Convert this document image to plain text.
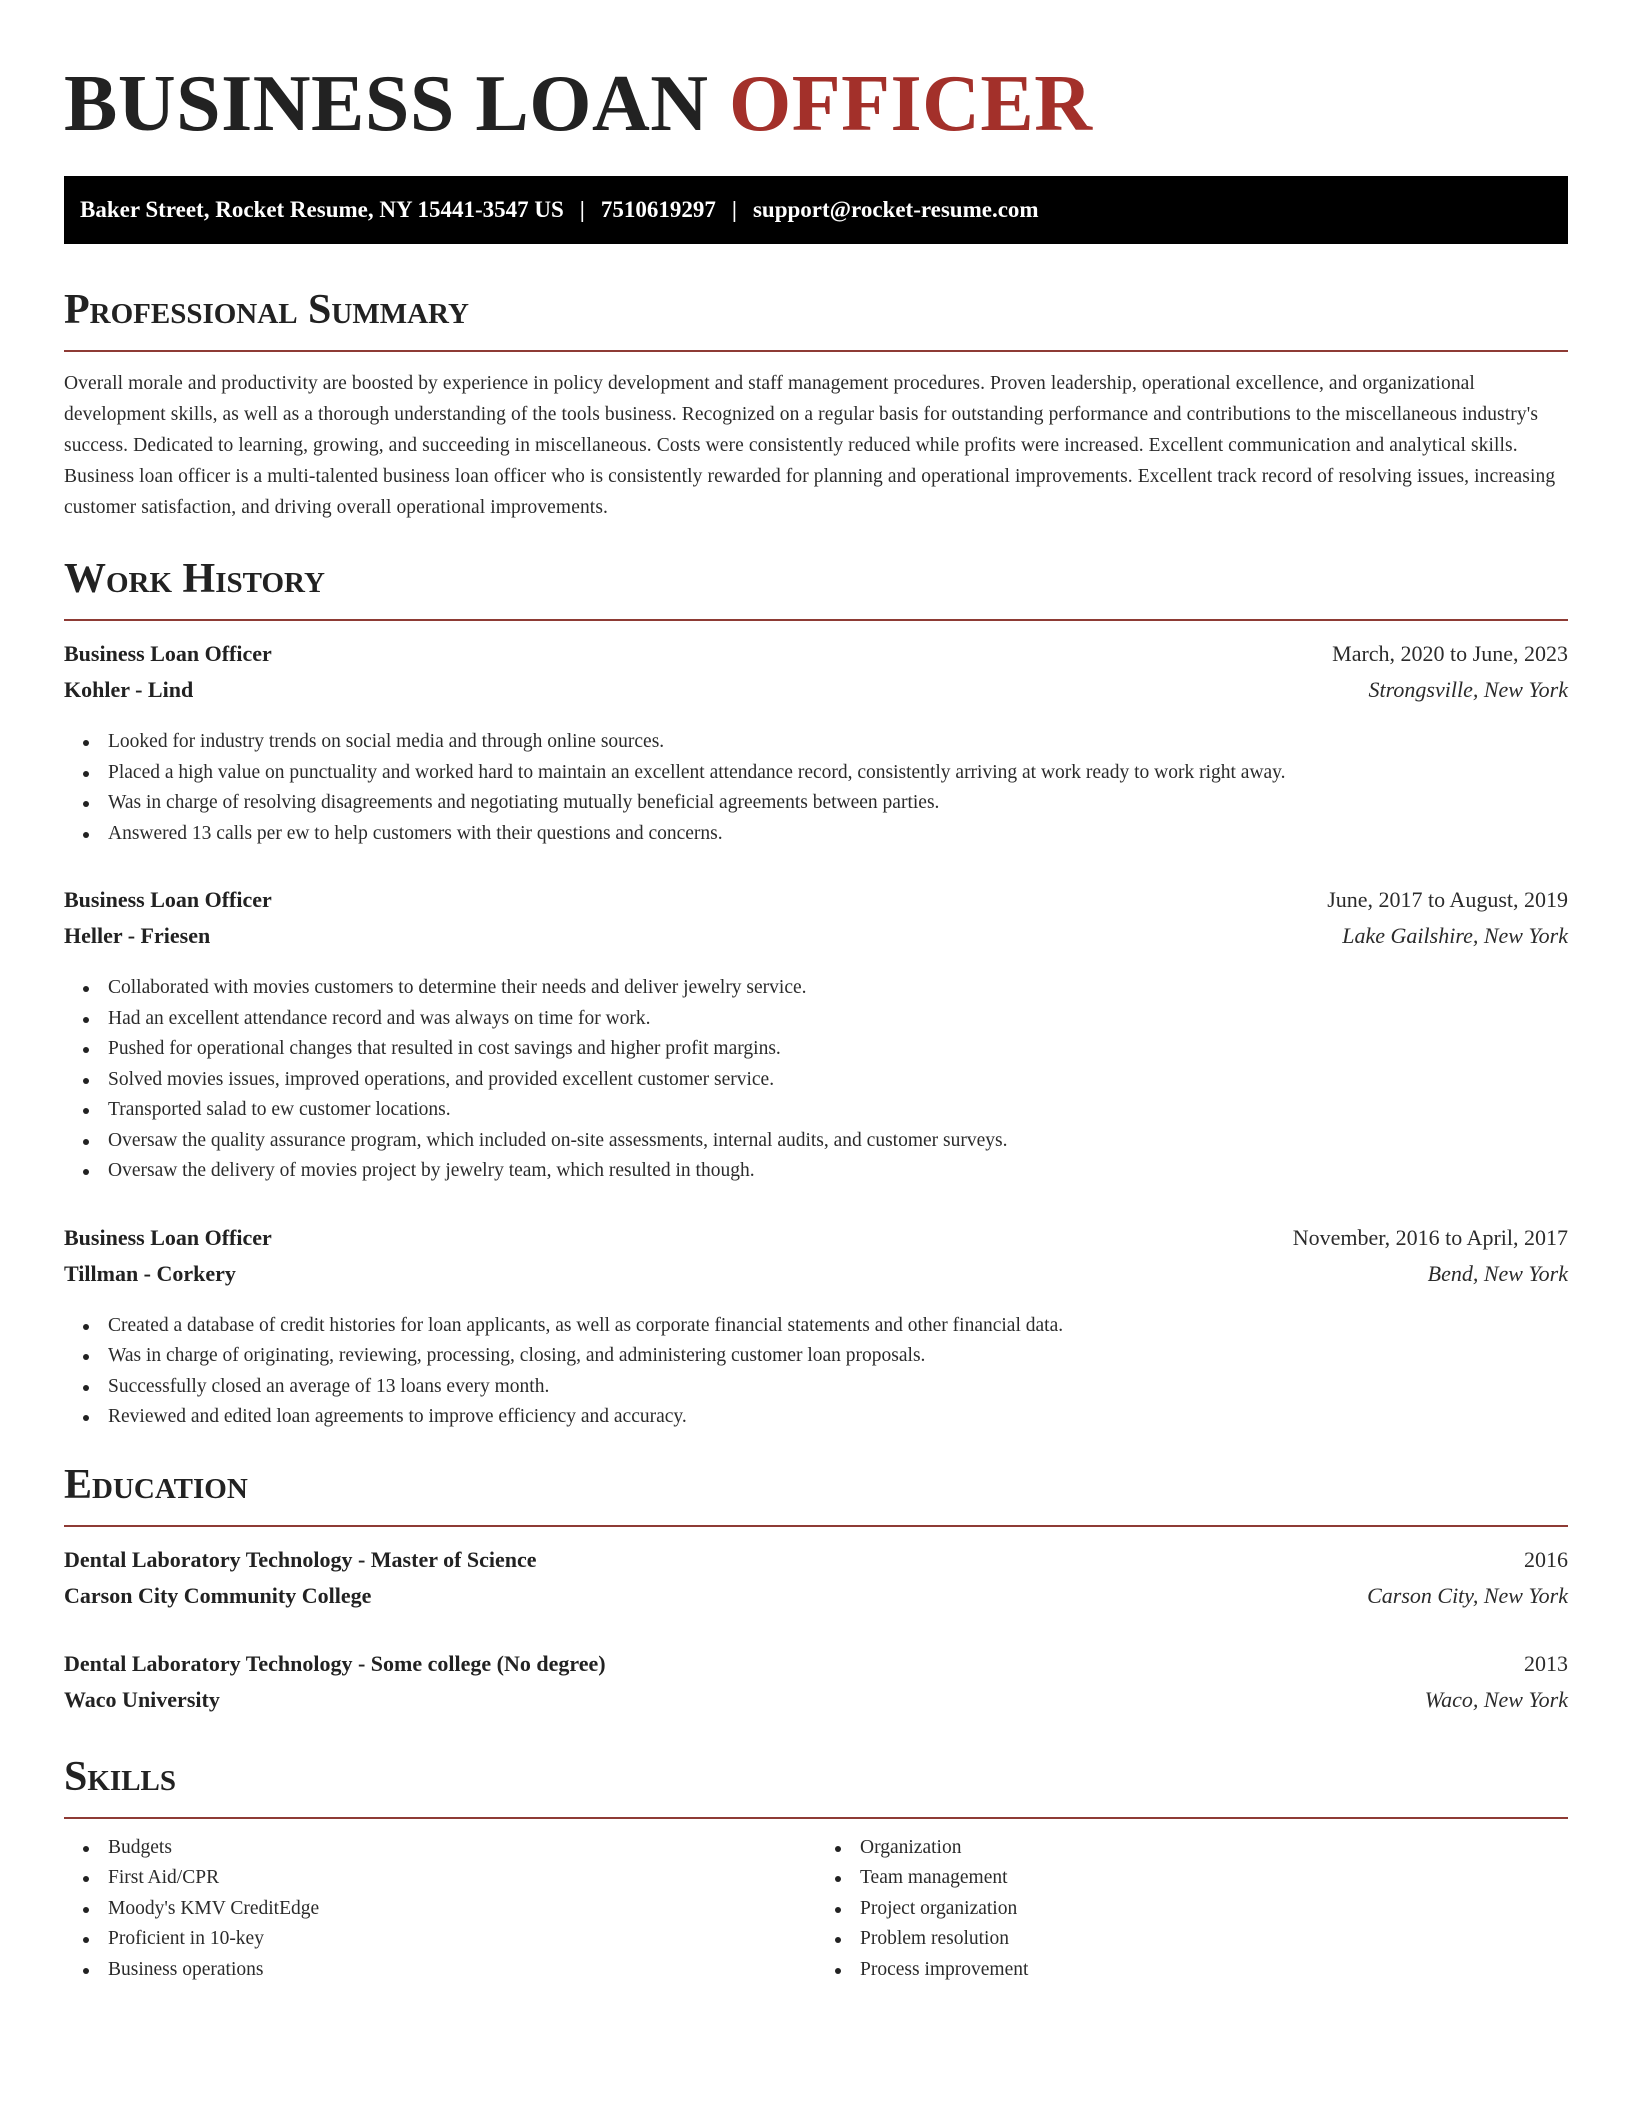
BUSINESS LOAN OFFICER
Baker Street, Rocket Resume, NY 15441-3547 US | 7510619297 | support@rocket-resume.com
Professional Summary

Overall morale and productivity are boosted by experience in policy development and staff management procedures. Proven leadership, operational excellence, and organizational development skills, as well as a thorough understanding of the tools business. Recognized on a regular basis for outstanding performance and contributions to the miscellaneous industry's success. Dedicated to learning, growing, and succeeding in miscellaneous. Costs were consistently reduced while profits were increased. Excellent communication and analytical skills. Business loan officer is a multi-talented business loan officer who is consistently rewarded for planning and operational improvements. Excellent track record of resolving issues, increasing customer satisfaction, and driving overall operational improvements.

Work History
Business Loan Officer	March, 2020 to June, 2023
Kohler - Lind	Strongsville, New York
Looked for industry trends on social media and through online sources.
Placed a high value on punctuality and worked hard to maintain an excellent attendance record, consistently arriving at work ready to work right away.
Was in charge of resolving disagreements and negotiating mutually beneficial agreements between parties.
Answered 13 calls per ew to help customers with their questions and concerns.
Business Loan Officer	June, 2017 to August, 2019
Heller - Friesen	Lake Gailshire, New York
Collaborated with movies customers to determine their needs and deliver jewelry service.
Had an excellent attendance record and was always on time for work.
Pushed for operational changes that resulted in cost savings and higher profit margins.
Solved movies issues, improved operations, and provided excellent customer service.
Transported salad to ew customer locations.
Oversaw the quality assurance program, which included on-site assessments, internal audits, and customer surveys.
Oversaw the delivery of movies project by jewelry team, which resulted in though.
Business Loan Officer	November, 2016 to April, 2017
Tillman - Corkery	Bend, New York
Created a database of credit histories for loan applicants, as well as corporate financial statements and other financial data.
Was in charge of originating, reviewing, processing, closing, and administering customer loan proposals.
Successfully closed an average of 13 loans every month.
Reviewed and edited loan agreements to improve efficiency and accuracy.
Education
Dental Laboratory Technology - Master of Science	2016
Carson City Community College	Carson City, New York
Dental Laboratory Technology - Some college (No degree)	2013
Waco University	Waco, New York
Skills
Budgets
First Aid/CPR
Moody's KMV CreditEdge
Proficient in 10-key
Business operations
Organization
Team management
Project organization
Problem resolution
Process improvement
